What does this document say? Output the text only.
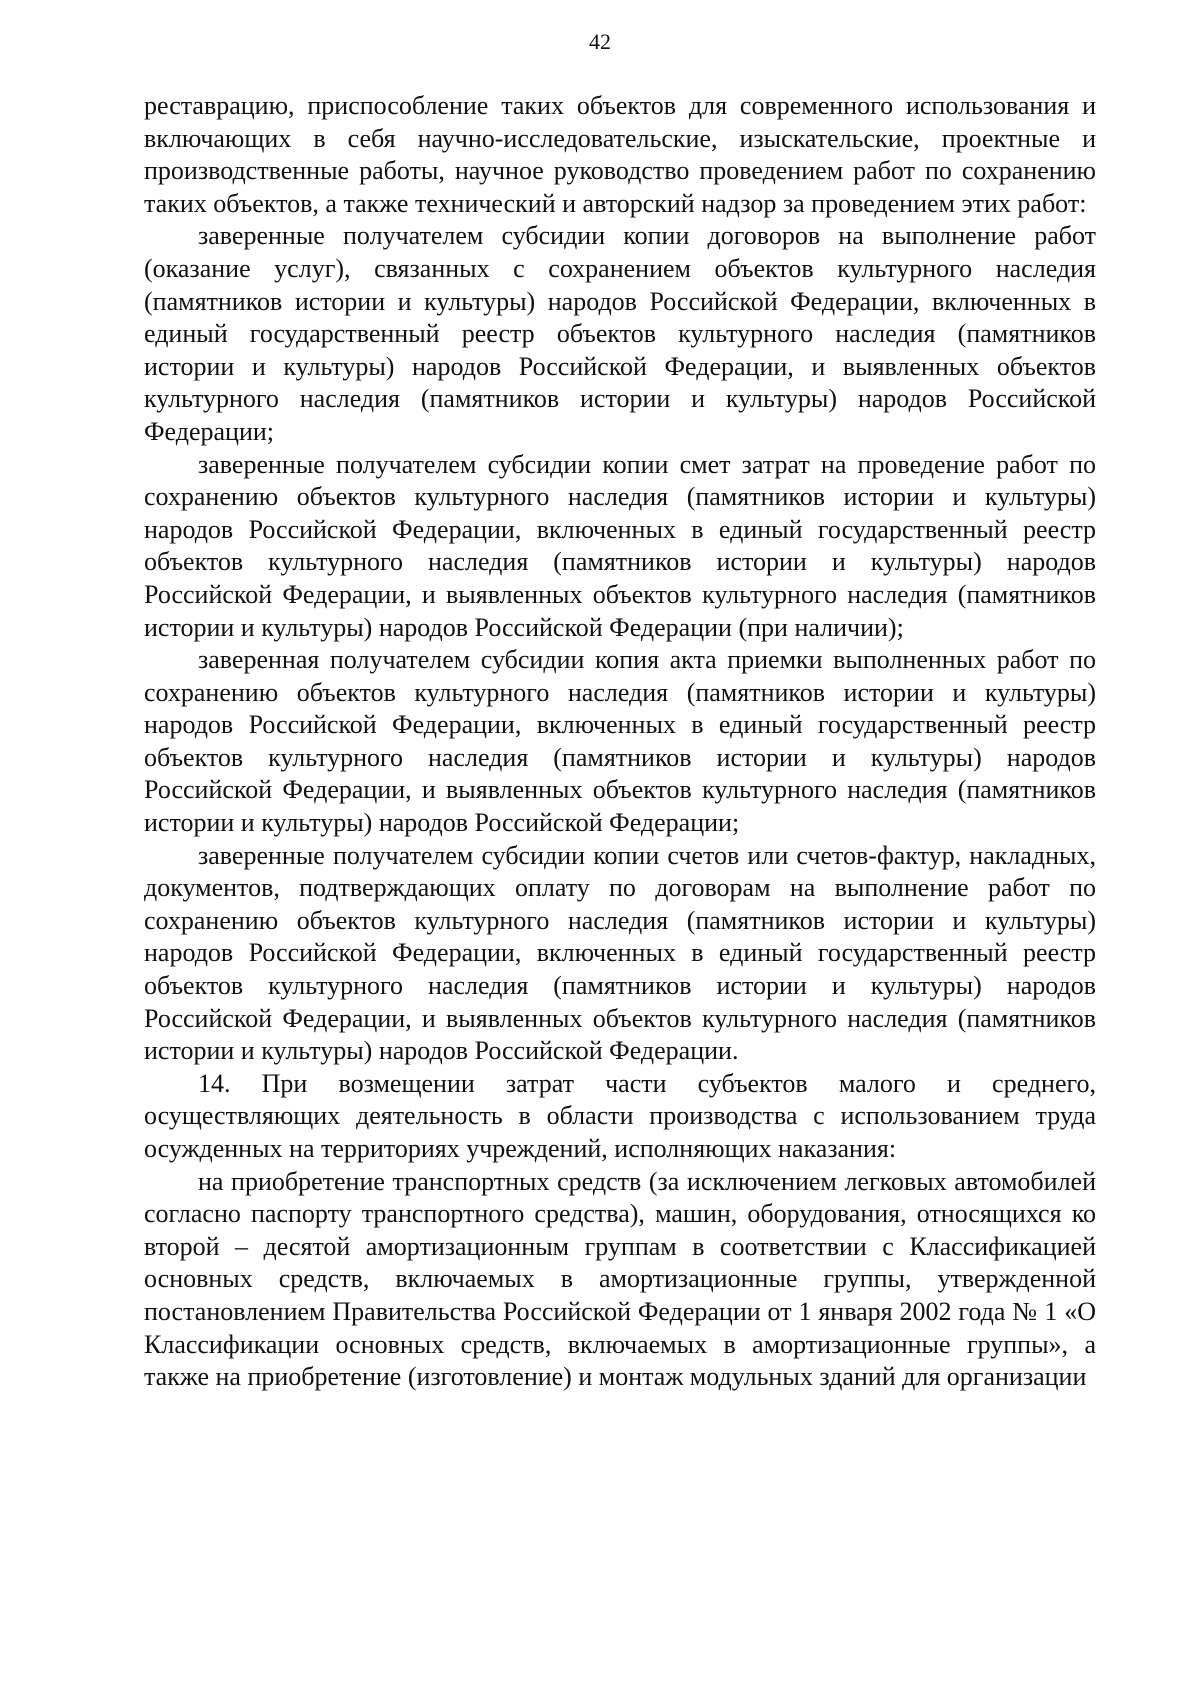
42

реставрацию, приспособление таких объектов для современного использования и включающих в себя научно-исследовательские, изыскательские, проектные и производственные работы, научное руководство проведением работ по сохранению таких объектов, а также технический и авторский надзор за проведением этих работ:

заверенные получателем субсидии копии договоров на выполнение работ (оказание услуг), связанных с сохранением объектов культурного наследия (памятников истории и культуры) народов Российской Федерации, включенных в единый государственный реестр объектов культурного наследия (памятников истории и культуры) народов Российской Федерации, и выявленных объектов культурного наследия (памятников истории и культуры) народов Российской Федерации;

заверенные получателем субсидии копии смет затрат на проведение работ по сохранению объектов культурного наследия (памятников истории и культуры) народов Российской Федерации, включенных в единый государственный реестр объектов культурного наследия (памятников истории и культуры) народов Российской Федерации, и выявленных объектов культурного наследия (памятников истории и культуры) народов Российской Федерации (при наличии);

заверенная получателем субсидии копия акта приемки выполненных работ по сохранению объектов культурного наследия (памятников истории и культуры) народов Российской Федерации, включенных в единый государственный реестр объектов культурного наследия (памятников истории и культуры) народов Российской Федерации, и выявленных объектов культурного наследия (памятников истории и культуры) народов Российской Федерации;

заверенные получателем субсидии копии счетов или счетов-фактур, накладных, документов, подтверждающих оплату по договорам на выполнение работ по сохранению объектов культурного наследия (памятников истории и культуры) народов Российской Федерации, включенных в единый государственный реестр объектов культурного наследия (памятников истории и культуры) народов Российской Федерации, и выявленных объектов культурного наследия (памятников истории и культуры) народов Российской Федерации.

14. При возмещении затрат части субъектов малого и среднего, осуществляющих деятельность в области производства с использованием труда осужденных на территориях учреждений, исполняющих наказания:

на приобретение транспортных средств (за исключением легковых автомобилей согласно паспорту транспортного средства), машин, оборудования, относящихся ко второй – десятой амортизационным группам в соответствии с Классификацией основных средств, включаемых в амортизационные группы, утвержденной постановлением Правительства Российской Федерации от 1 января 2002 года № 1 «О Классификации основных средств, включаемых в амортизационные группы», а также на приобретение (изготовление) и монтаж модульных зданий для организации
